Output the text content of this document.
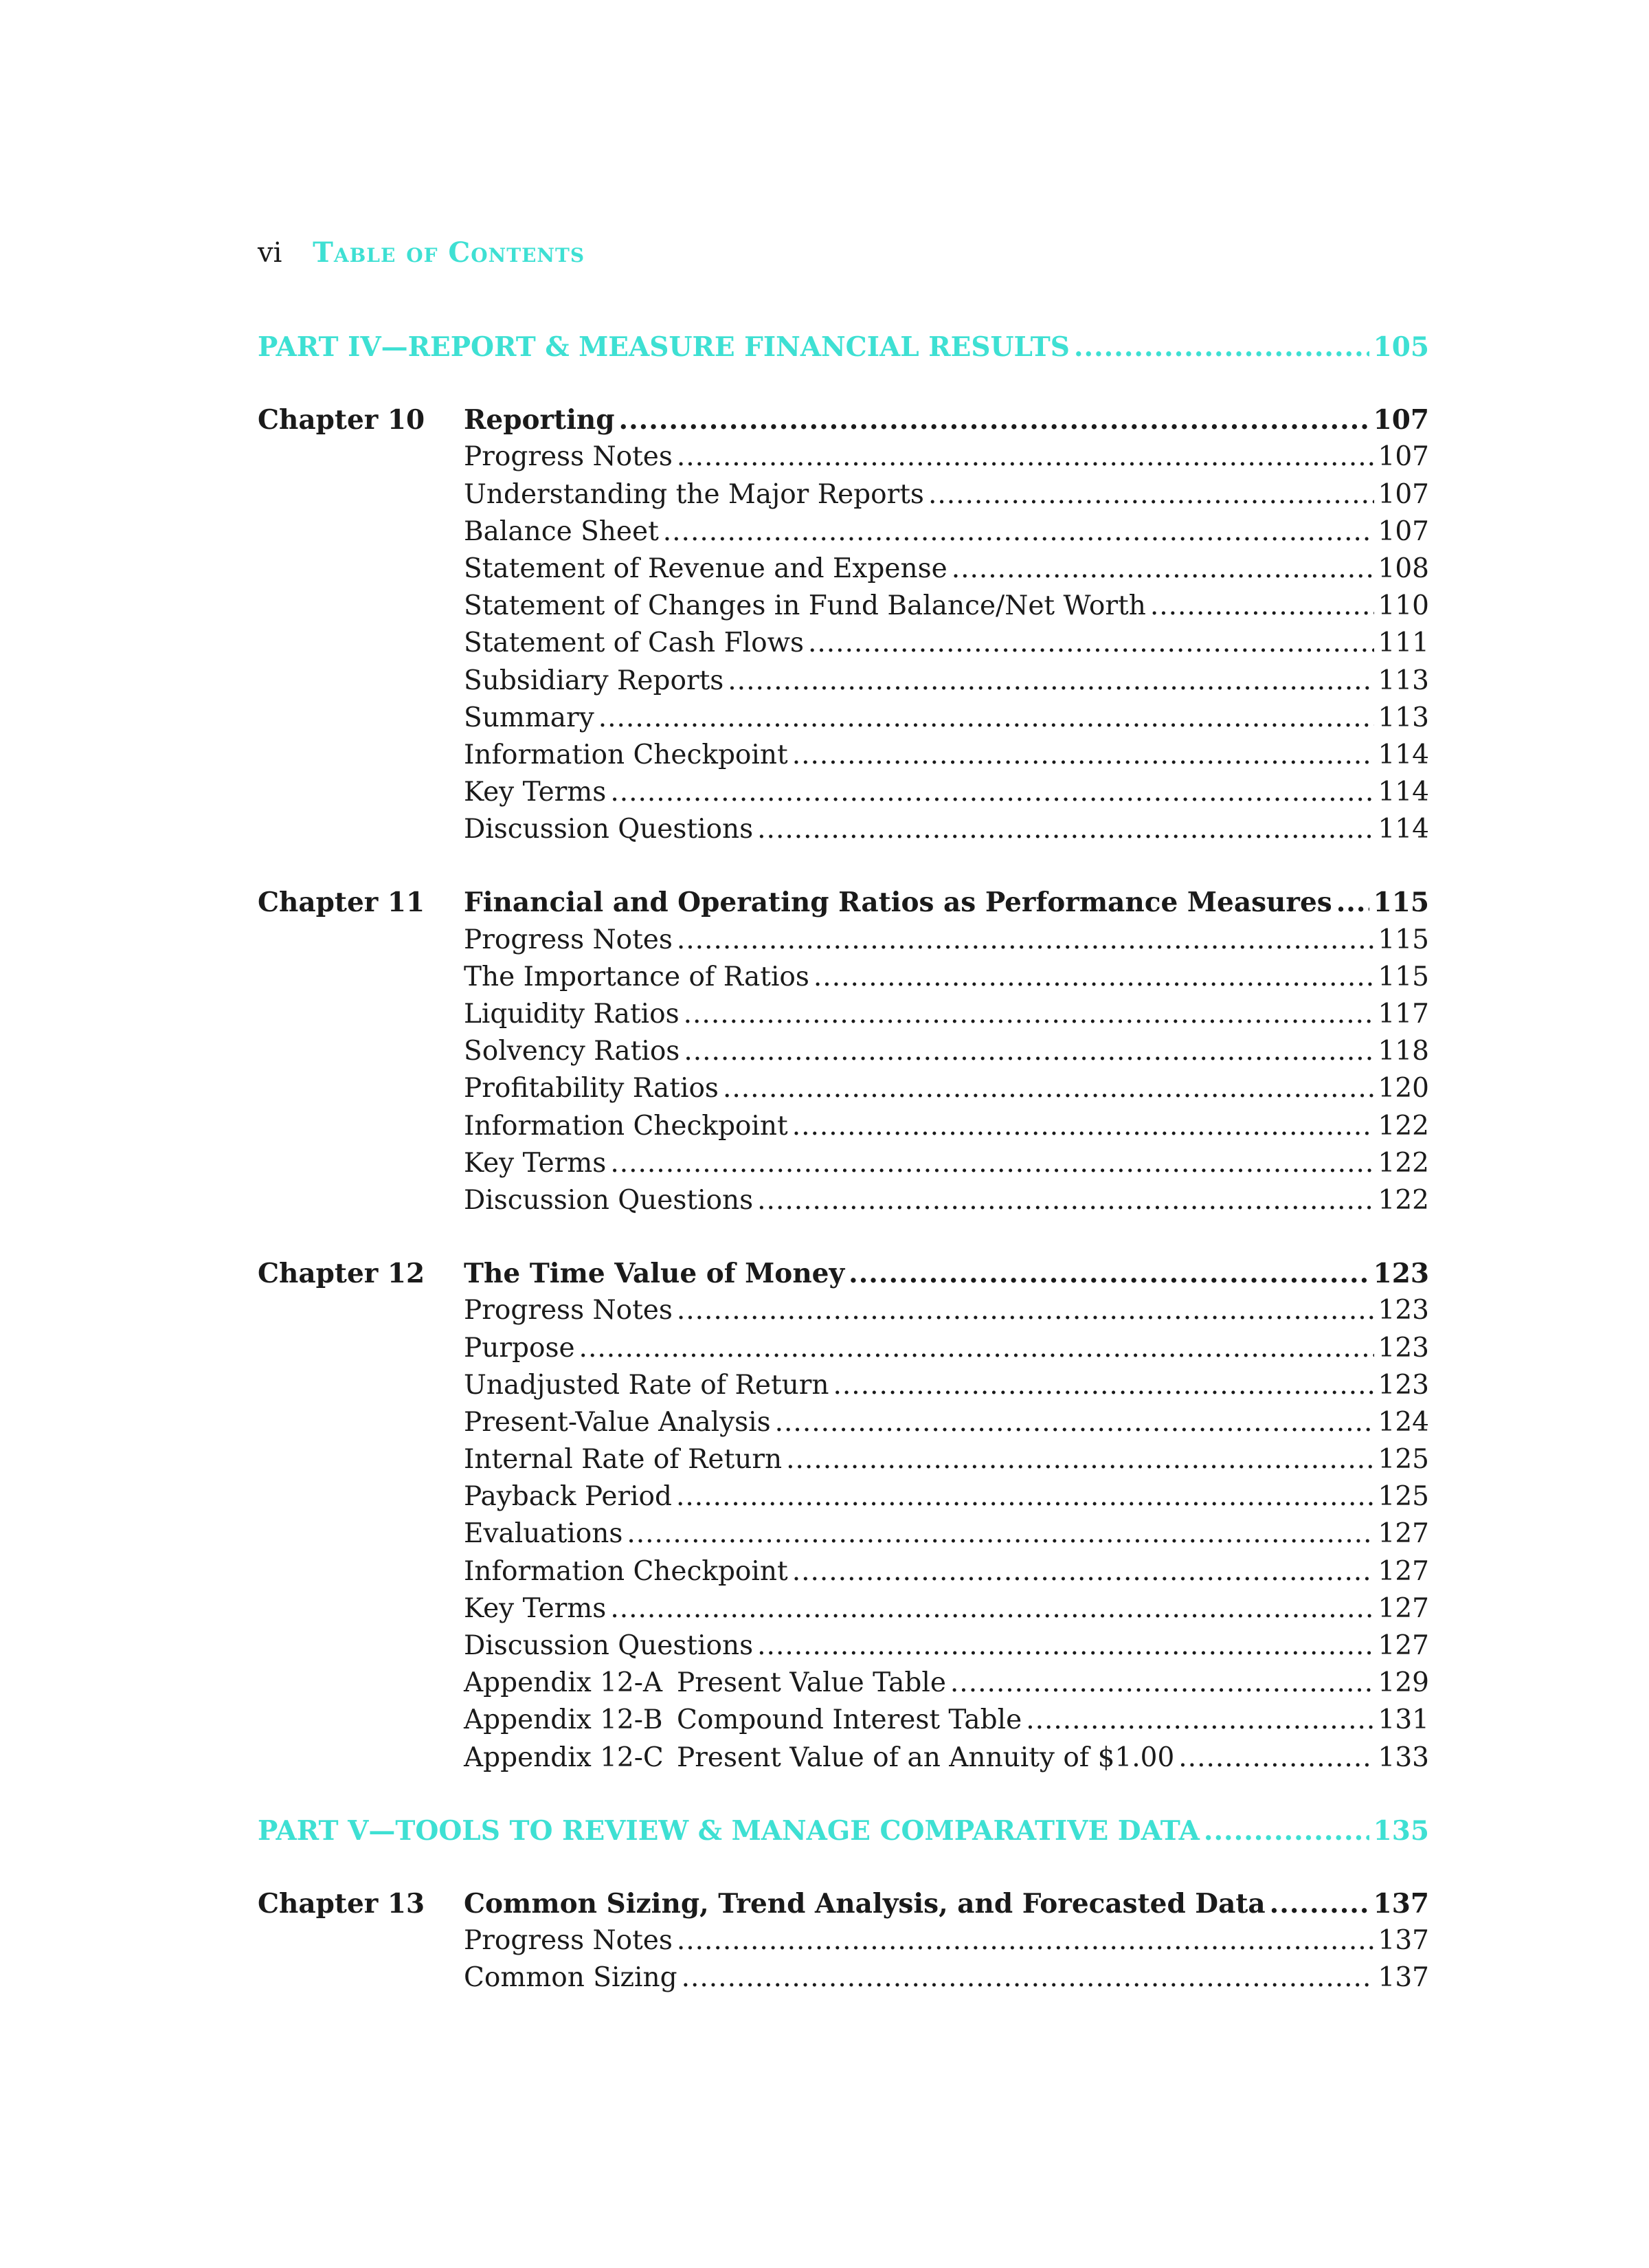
vi Table of Contents
PART IV—REPORT & MEASURE FINANCIAL RESULTS .....	105
Chapter 10	Reporting .....	107
Progress Notes .....	107
Understanding the Major Reports .....	107
Balance Sheet .....	107
Statement of Revenue and Expense .....	108
Statement of Changes in Fund Balance/Net Worth .....	110
Statement of Cash Flows .....	111
Subsidiary Reports .....	113
Summary .....	113
Information Checkpoint .....	114
Key Terms .....	114
Discussion Questions .....	114
Chapter 11	Financial and Operating Ratios as Performance Measures ..... 115
Progress Notes .....	115
The Importance of Ratios .....	115
Liquidity Ratios .....	117
Solvency Ratios .....	118
Profitability Ratios .....	120
Information Checkpoint .....	122
Key Terms .....	122
Discussion Questions .....	122
Chapter 12	The Time Value of Money .....	123
Progress Notes .....	123
Purpose .....	123
Unadjusted Rate of Return .....	123
Present-Value Analysis .....	124
Internal Rate of Return .....	125
Payback Period .....	125
Evaluations .....	127
Information Checkpoint .....	127
Key Terms .....	127
Discussion Questions .....	127
Appendix 12-A Present Value Table .....	129
Appendix 12-B Compound Interest Table .....	131
Appendix 12-C Present Value of an Annuity of $1.00 .....	133
PART V—TOOLS TO REVIEW & MANAGE COMPARATIVE DATA .....	135
Chapter 13	Common Sizing, Trend Analysis, and Forecasted Data .....	137
Progress Notes .....	137
Common Sizing .....	137
